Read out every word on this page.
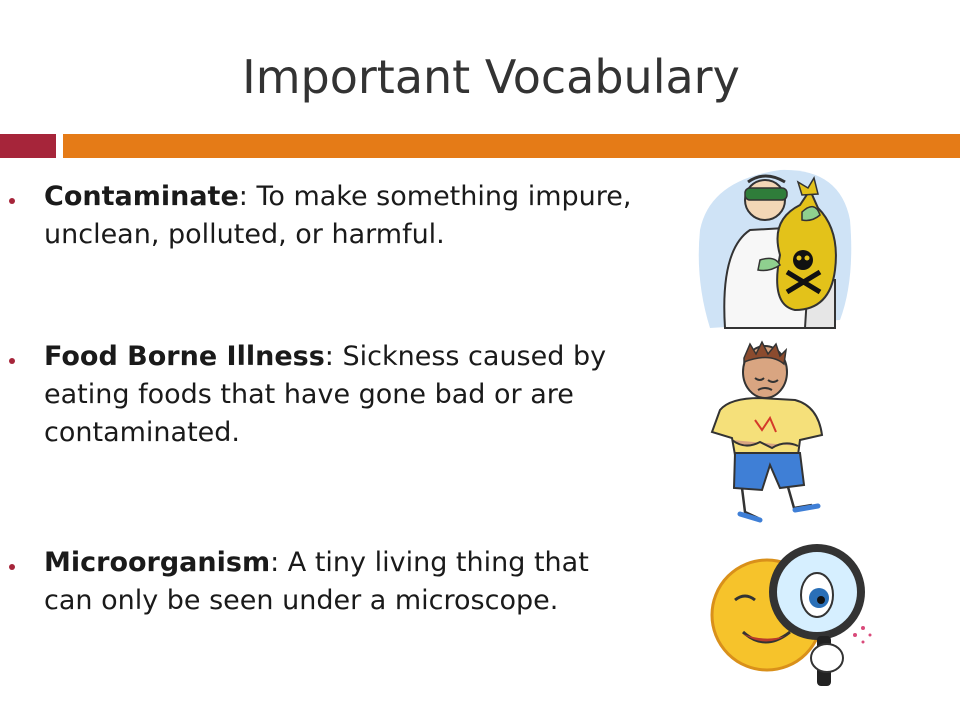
Important Vocabulary
Contaminate: To make something impure, unclean, polluted, or harmful.
Food Borne Illness: Sickness caused by eating foods that have gone bad or are contaminated.
Microorganism: A tiny living thing that can only be seen under a microscope.
